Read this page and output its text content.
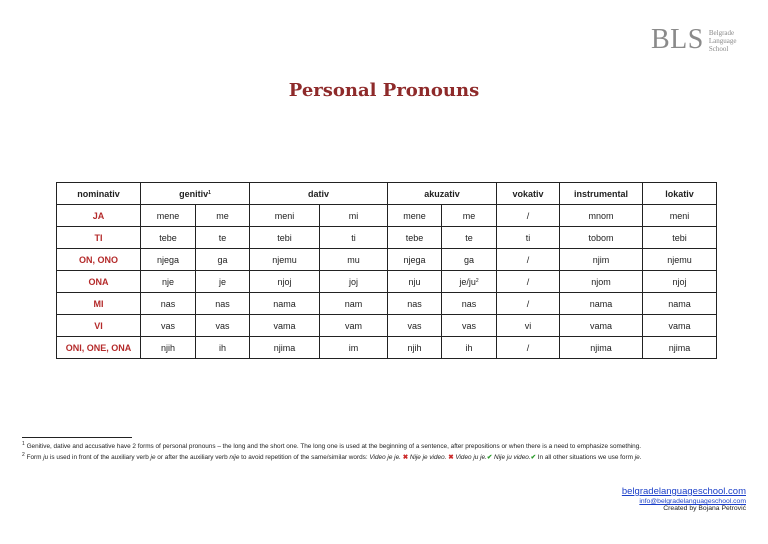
BLS Belgrade
Language
School
Personal Pronouns
nominativ	genitiv$^1$		dativ		akuzativ		vokativ	instrumental	lokativ
JA	mene	me	meni	mi	mene	me	/	mnom	meni
TI	tebe	te	tebi	ti	tebe	te	ti	tobom	tebi
ON, ONO	njega	ga	njemu	mu	njega	ga	/	njim	njemu
ONA	nje	je	njoj	joj	nju	$je/ju^2$	/	njom	njoj
MI	nas	nas	nama	nam	nas	nas	/	nama	nama
VI	vas	vas	vama	vam	vas	vas	vi	vama	vama
ONI, ONE, ONA	njih	ih	njima	im	njih	ih	/	njima	njima

$^1$ Genitive, dative and accusative have 2 forms of personal pronouns – the long and the short one. The long one is used at the beginning of a sentence, after prepositions or when there is a need to emphasize something.

$^2$ Form ju is used in front of the auxiliary verb je or after the auxiliary verb nije to avoid repetition of the same/similar words: Video je je. ✖ Nije je video. ✖ Video ju je.✔ Nije ju video.✔ In all other situations we use form je.

belgradelanguageschool.com
info@belgradelanguageschool.com
Created by Bojana Petrović
